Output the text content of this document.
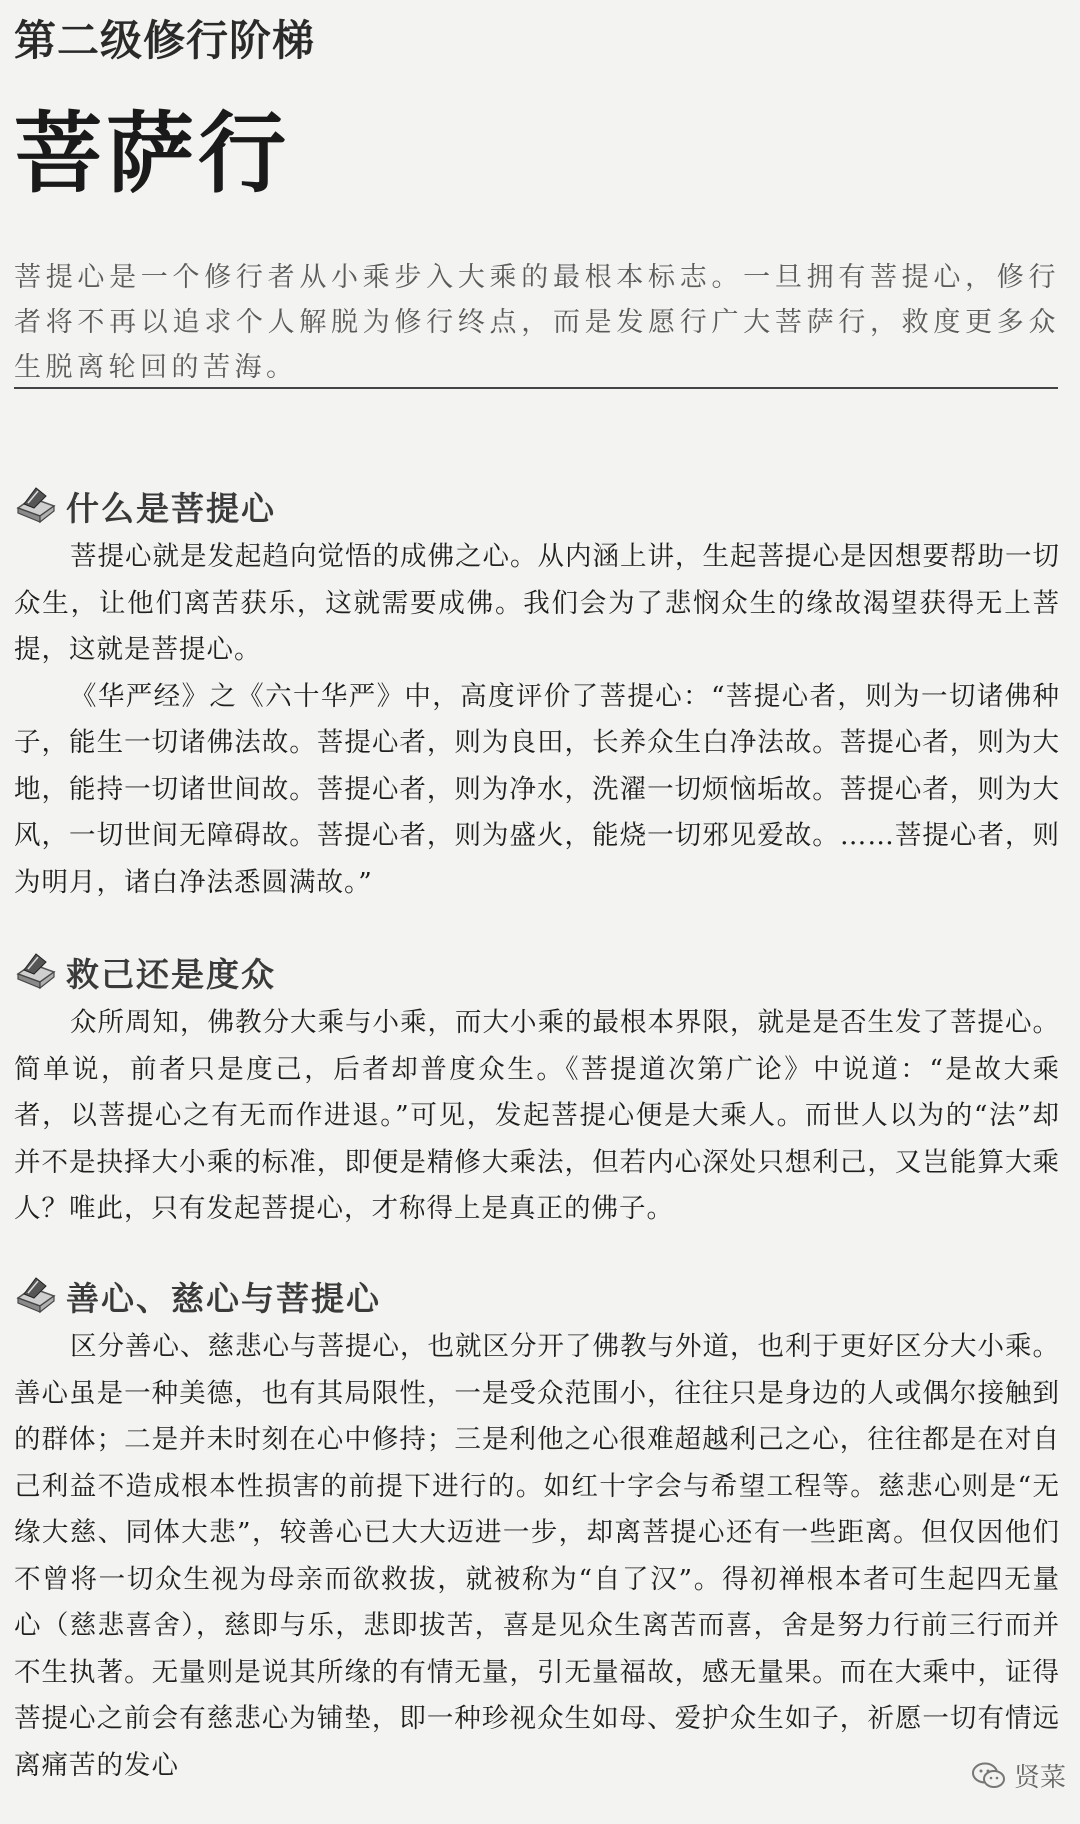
第二级修行阶梯
菩萨行

菩提心是一个修行者从小乘步入大乘的最根本标志。一旦拥有菩提心，修行者将不再以追求个人解脱为修行终点，而是发愿行广大菩萨行，救度更多众生脱离轮回的苦海。

什么是菩提心

菩提心就是发起趋向觉悟的成佛之心。从内涵上讲，生起菩提心是因想要帮助一切众生，让他们离苦获乐，这就需要成佛。我们会为了悲悯众生的缘故渴望获得无上菩提，这就是菩提心。

《华严经》之《六十华严》中，高度评价了菩提心：“菩提心者，则为一切诸佛种子，能生一切诸佛法故。菩提心者，则为良田，长养众生白净法故。菩提心者，则为大地，能持一切诸世间故。菩提心者，则为净水，洗濯一切烦恼垢故。菩提心者，则为大风，一切世间无障碍故。菩提心者，则为盛火，能烧一切邪见爱故。……菩提心者，则为明月，诸白净法悉圆满故。”

救己还是度众

众所周知，佛教分大乘与小乘，而大小乘的最根本界限，就是是否生发了菩提心。简单说，前者只是度己，后者却普度众生。《菩提道次第广论》中说道：“是故大乘者，以菩提心之有无而作进退。”可见，发起菩提心便是大乘人。而世人以为的“法”却并不是抉择大小乘的标准，即便是精修大乘法，但若内心深处只想利己，又岂能算大乘人？唯此，只有发起菩提心，才称得上是真正的佛子。

善心、慈心与菩提心

区分善心、慈悲心与菩提心，也就区分开了佛教与外道，也利于更好区分大小乘。善心虽是一种美德，也有其局限性，一是受众范围小，往往只是身边的人或偶尔接触到的群体；二是并未时刻在心中修持；三是利他之心很难超越利己之心，往往都是在对自己利益不造成根本性损害的前提下进行的。如红十字会与希望工程等。慈悲心则是“无缘大慈、同体大悲”，较善心已大大迈进一步，却离菩提心还有一些距离。但仅因他们不曾将一切众生视为母亲而欲救拔，就被称为“自了汉”。得初禅根本者可生起四无量心（慈悲喜舍），慈即与乐，悲即拔苦，喜是见众生离苦而喜，舍是努力行前三行而并不生执著。无量则是说其所缘的有情无量，引无量福故，感无量果。而在大乘中，证得菩提心之前会有慈悲心为铺垫，即一种珍视众生如母、爱护众生如子，祈愿一切有情远离痛苦的发心	贤菜
